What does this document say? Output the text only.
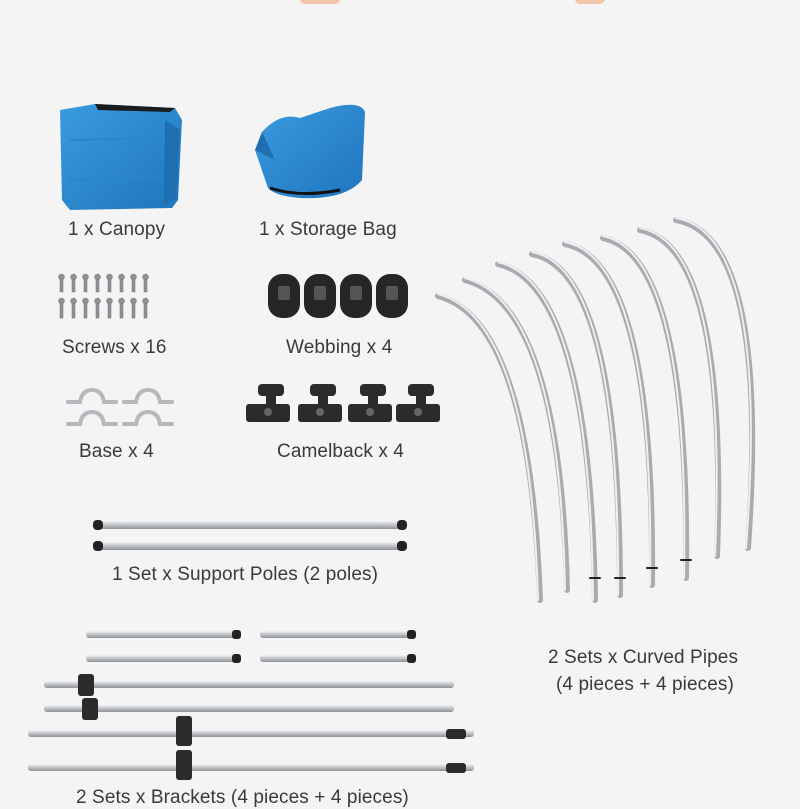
1 x Canopy	1 x Storage Bag
Screws x 16	Webbing x 4
Base x 4	Camelback x 4
1 Set x Support Poles (2 poles)
2 Sets x Curved Pipes
(4 pieces + 4 pieces)
2 Sets x Brackets (4 pieces + 4 pieces)
